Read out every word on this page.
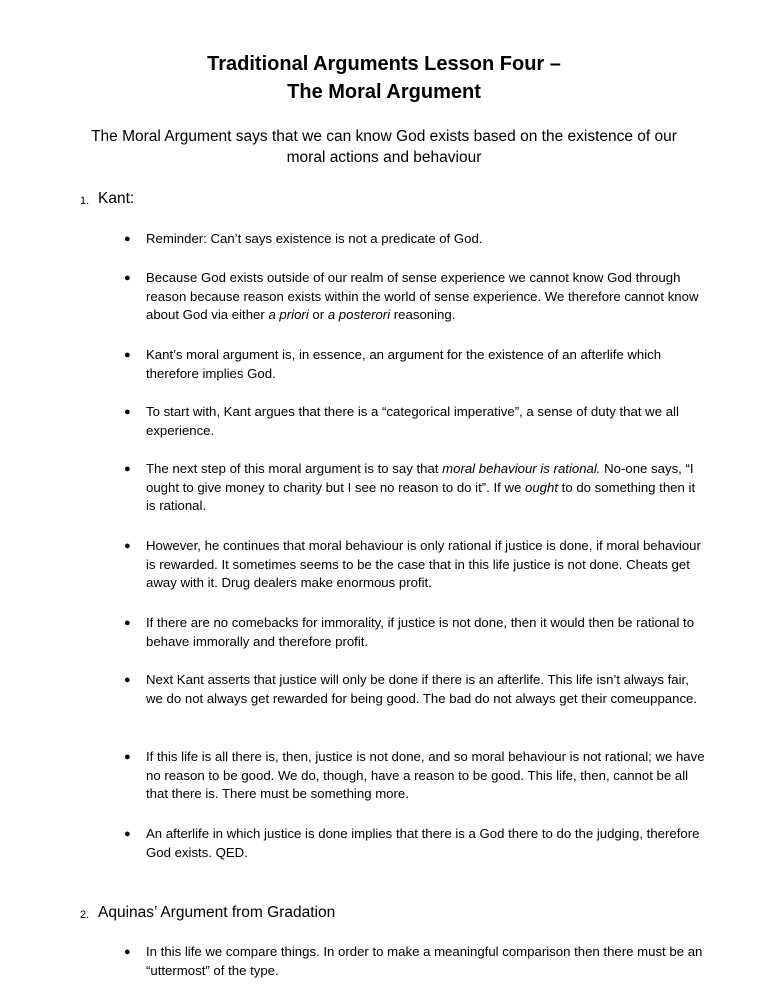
Traditional Arguments Lesson Four –
The Moral Argument

The Moral Argument says that we can know God exists based on the existence of our moral actions and behaviour

1. Kant:
● Reminder: Can’t says existence is not a predicate of God.
● Because God exists outside of our realm of sense experience we cannot know God through reason because reason exists within the world of sense experience. We therefore cannot know about God via either a priori or a posterori reasoning.
● Kant’s moral argument is, in essence, an argument for the existence of an afterlife which therefore implies God.
● To start with, Kant argues that there is a “categorical imperative”, a sense of duty that we all experience.
● The next step of this moral argument is to say that moral behaviour is rational. No-one says, “I ought to give money to charity but I see no reason to do it”. If we ought to do something then it is rational.
● However, he continues that moral behaviour is only rational if justice is done, if moral behaviour is rewarded. It sometimes seems to be the case that in this life justice is not done. Cheats get away with it. Drug dealers make enormous profit.
● If there are no comebacks for immorality, if justice is not done, then it would then be rational to behave immorally and therefore profit.
● Next Kant asserts that justice will only be done if there is an afterlife. This life isn’t always fair, we do not always get rewarded for being good. The bad do not always get their comeuppance.
● If this life is all there is, then, justice is not done, and so moral behaviour is not rational; we have no reason to be good. We do, though, have a reason to be good. This life, then, cannot be all that there is. There must be something more.
● An afterlife in which justice is done implies that there is a God there to do the judging, therefore God exists. QED.
2. Aquinas’ Argument from Gradation
● In this life we compare things. In order to make a meaningful comparison then there must be an “uttermost” of the type.
